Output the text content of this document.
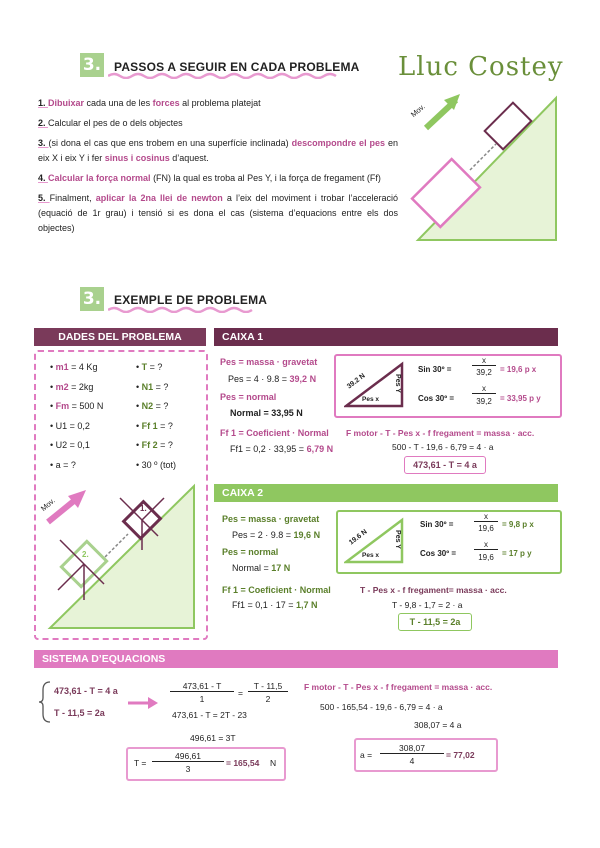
3. PASSOS A SEGUIR EN CADA PROBLEMA Lluc Costey

1. Dibuixar cada una de les forces al problema platejat

2. Calcular el pes de o dels objectes

3. (si dona el cas que ens trobem en una superfície inclinada) descompondre el pes en eix X i eix Y i fer sinus i cosinus d’aquest.

4. Calcular la força normal (FN) la qual es troba al Pes Y, i la força de fregament (Ff)

5. Finalment, aplicar la 2na llei de newton a l’eix del moviment i trobar l’acceleració (equació de 1r grau) i tensió si es dona el cas (sistema d’equacions entre els dos objectes)

Mov.
3. EXEMPLE DE PROBLEMA
DADES DEL PROBLEMA
• m1 = 4 Kg
• m2 = 2kg
• Fm = 500 N
• U1 = 0,2
• U2 = 0,1
• a = ?
• T = ?
• N1 = ?
• N2 = ?
• Ff 1 = ?
• Ff 2 = ?
• 30 º (tot)
Mov.	1.
2.
CAIXA 1
Pes = massa · gravetat
Pes = 4 · 9.8 = 39,2 N
Pes = normal
Normal = 33,95 N
Ff 1 = Coeficient · Normal
Ff1 = 0,2 · 33,95 = 6,79 N
39.2 N	Pes Y
Pes x
Sin 30º =
x
39,2	= 19,6 p x
Cos 30º =
x
39,2	= 33,95 p y
F motor - T - Pes x - f fregament = massa · acc.
500 - T - 19,6 - 6,79 = 4 · a
473,61 - T = 4 a
CAIXA 2
Pes = massa · gravetat
Pes = 2 · 9.8 = 19,6 N
Pes = normal
Normal = 17 N
Ff 1 = Coeficient · Normal
Ff1 = 0,1 · 17 = 1,7 N
19.6 N	Pes Y
Pes x
Sin 30º =
x
19,6	= 9,8 p x
Cos 30º =
x
19,6	= 17 p y
T - Pes x - f fregament= massa · acc.
T - 9,8 - 1,7 = 2 · a
T - 11,5 = 2a
SISTEMA D’EQUACIONS
473,61 - T = 4 a
T - 11,5 = 2a
473,61 - T
1
=
T - 11,5
2
473,61 - T = 2T - 23
496,61 = 3T
T =
496,61
3
= 165,54 N
F motor - T - Pes x - f fregament = massa · acc.
500 - 165,54 - 19,6 - 6,79 = 4 · a
308,07 = 4 a
a =
308,07
4
= 77,02
